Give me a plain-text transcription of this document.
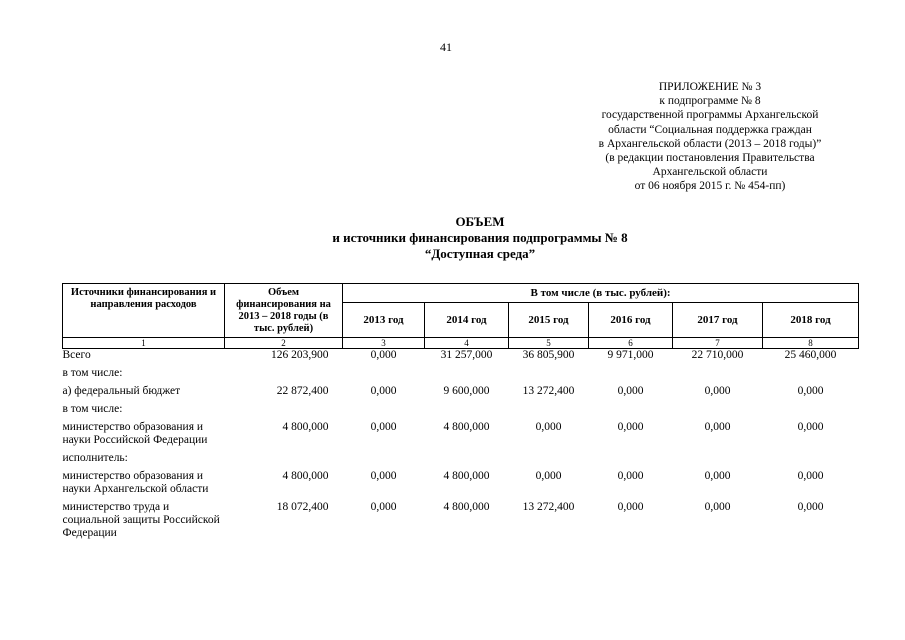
41
ПРИЛОЖЕНИЕ № 3
к подпрограмме № 8
государственной программы Архангельской
области “Социальная поддержка граждан
в Архангельской области (2013 – 2018 годы)”
(в редакции постановления Правительства
Архангельской области
от 06 ноября 2015 г. № 454-пп)
ОБЪЕМ
и источники финансирования подпрограммы № 8
“Доступная среда”
Источники финансирования и направления расходов	Объем финансирования на 2013 – 2018 годы (в тыс. рублей)	В том числе (в тыс. рублей):					
		2013 год	2014 год	2015 год	2016 год	2017 год	2018 год
1	2	3	4	5	6	7	8
Всего	126 203,900	0,000	31 257,000	36 805,900	9 971,000	22 710,000	25 460,000
в том числе:							
а) федеральный бюджет	22 872,400	0,000	9 600,000	13 272,400	0,000	0,000	0,000
в том числе:							
министерство образования и науки Российской Федерации	4 800,000	0,000	4 800,000	0,000	0,000	0,000	0,000
исполнитель:							
министерство образования и науки Архангельской области	4 800,000	0,000	4 800,000	0,000	0,000	0,000	0,000
министерство труда и социальной защиты Российской Федерации	18 072,400	0,000	4 800,000	13 272,400	0,000	0,000	0,000
